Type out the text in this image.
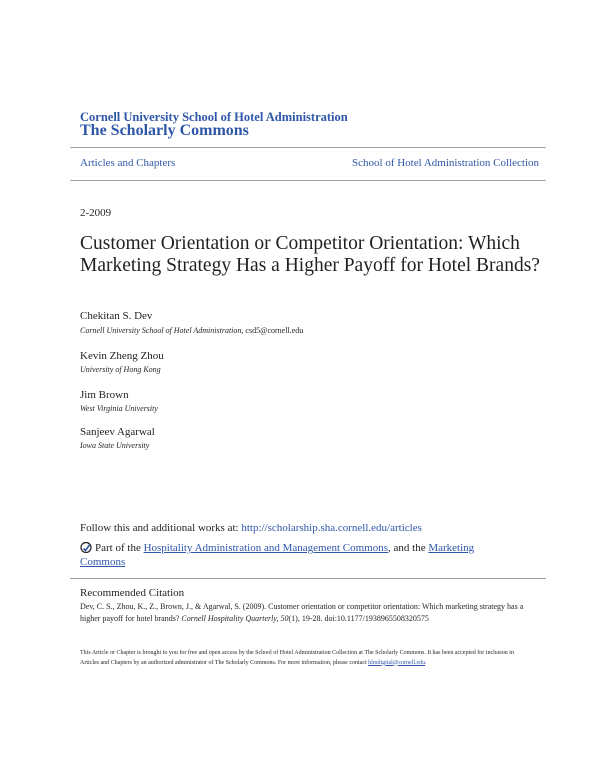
Cornell University School of Hotel Administration
The Scholarly Commons
Articles and Chapters	School of Hotel Administration Collection
2-2009
Customer Orientation or Competitor Orientation: Which Marketing Strategy Has a Higher Payoff for Hotel Brands?
Chekitan S. Dev
Cornell University School of Hotel Administration, csd5@cornell.edu
Kevin Zheng Zhou
University of Hong Kong
Jim Brown
West Virginia University
Sanjeev Agarwal
Iowa State University
Follow this and additional works at: http://scholarship.sha.cornell.edu/articles
Part of the Hospitality Administration and Management Commons, and the Marketing Commons
Recommended Citation
Dev, C. S., Zhou, K., Z., Brown, J., & Agarwal, S. (2009). Customer orientation or competitor orientation: Which marketing strategy has a higher payoff for hotel brands? Cornell Hospitality Quarterly, 50(1), 19-28. doi:10.1177/1938965508320575
This Article or Chapter is brought to you for free and open access by the School of Hotel Administration Collection at The Scholarly Commons. It has been accepted for inclusion in Articles and Chapters by an authorized administrator of The Scholarly Commons. For more information, please contact hlmdigital@cornell.edu.
